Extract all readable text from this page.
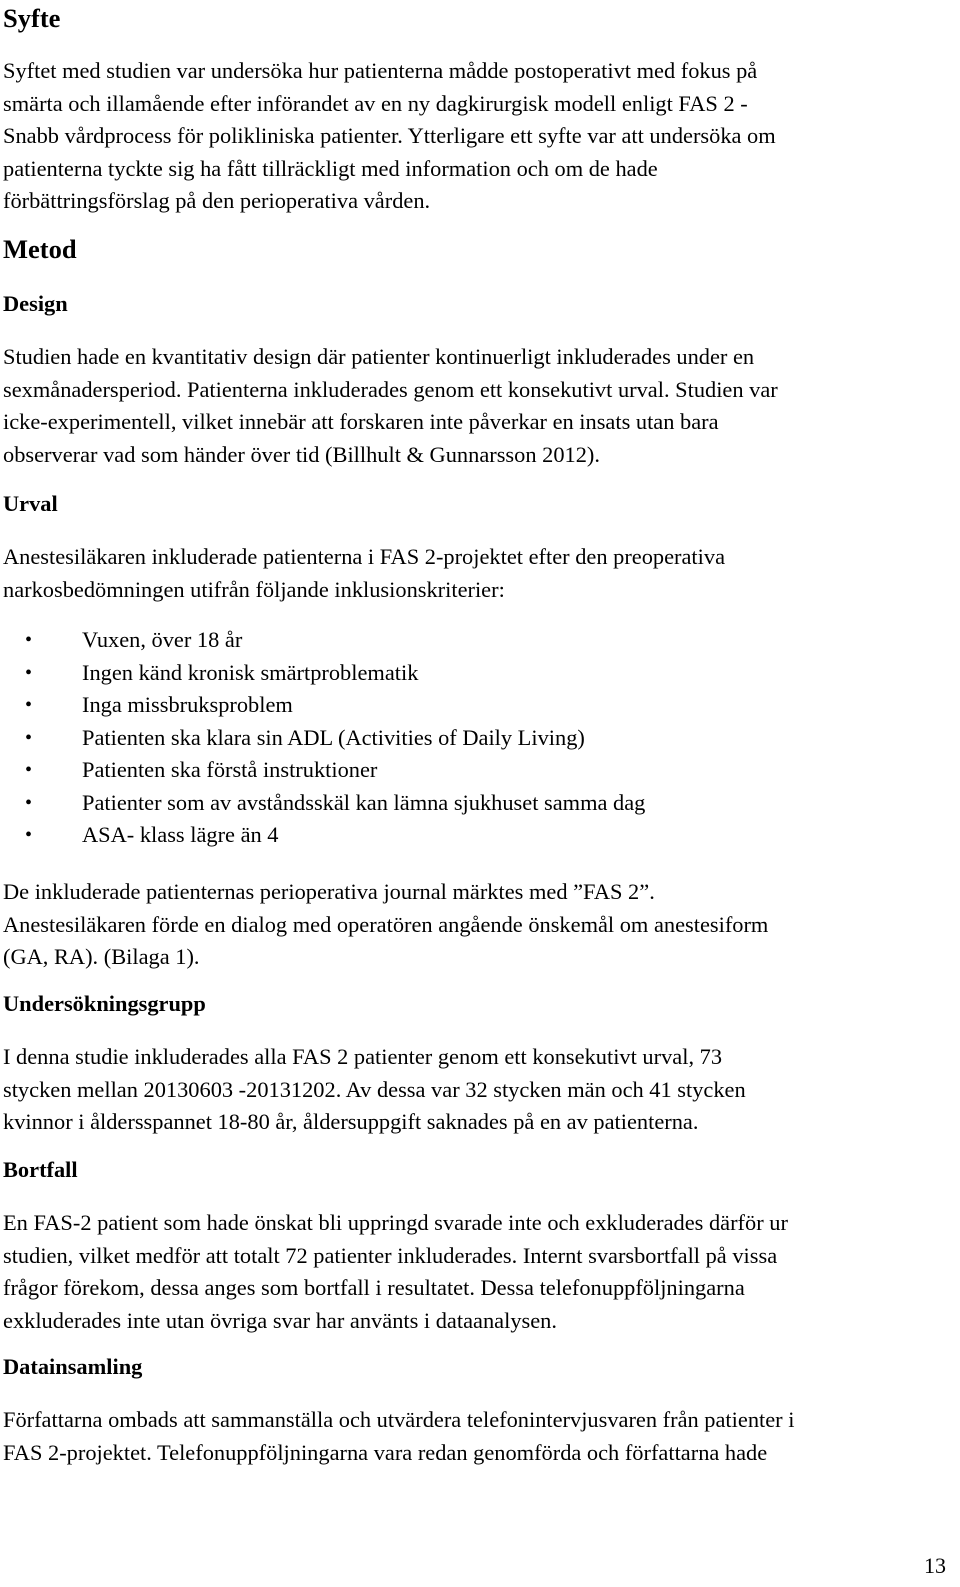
Syfte
Syftet med studien var undersöka hur patienterna mådde postoperativt med fokus på
smärta och illamående efter införandet av en ny dagkirurgisk modell enligt FAS 2 -
Snabb vårdprocess för polikliniska patienter. Ytterligare ett syfte var att undersöka om
patienterna tyckte sig ha fått tillräckligt med information och om de hade
förbättringsförslag på den perioperativa vården.
Metod
Design
Studien hade en kvantitativ design där patienter kontinuerligt inkluderades under en
sexmånadersperiod. Patienterna inkluderades genom ett konsekutivt urval. Studien var
icke-experimentell, vilket innebär att forskaren inte påverkar en insats utan bara
observerar vad som händer över tid (Billhult & Gunnarsson 2012).
Urval
Anestesiläkaren inkluderade patienterna i FAS 2-projektet efter den preoperativa
narkosbedömningen utifrån följande inklusionskriterier:
• Vuxen, över 18 år
• Ingen känd kronisk smärtproblematik
• Inga missbruksproblem
• Patienten ska klara sin ADL (Activities of Daily Living)
• Patienten ska förstå instruktioner
• Patienter som av avståndsskäl kan lämna sjukhuset samma dag
• ASA- klass lägre än 4
De inkluderade patienternas perioperativa journal märktes med ”FAS 2”.
Anestesiläkaren förde en dialog med operatören angående önskemål om anestesiform
(GA, RA). (Bilaga 1).
Undersökningsgrupp
I denna studie inkluderades alla FAS 2 patienter genom ett konsekutivt urval, 73
stycken mellan 20130603 -20131202. Av dessa var 32 stycken män och 41 stycken
kvinnor i åldersspannet 18-80 år, åldersuppgift saknades på en av patienterna.
Bortfall
En FAS-2 patient som hade önskat bli uppringd svarade inte och exkluderades därför ur
studien, vilket medför att totalt 72 patienter inkluderades. Internt svarsbortfall på vissa
frågor förekom, dessa anges som bortfall i resultatet. Dessa telefonuppföljningarna
exkluderades inte utan övriga svar har använts i dataanalysen.
Datainsamling
Författarna ombads att sammanställa och utvärdera telefonintervjusvaren från patienter i
FAS 2-projektet. Telefonuppföljningarna vara redan genomförda och författarna hade
13
